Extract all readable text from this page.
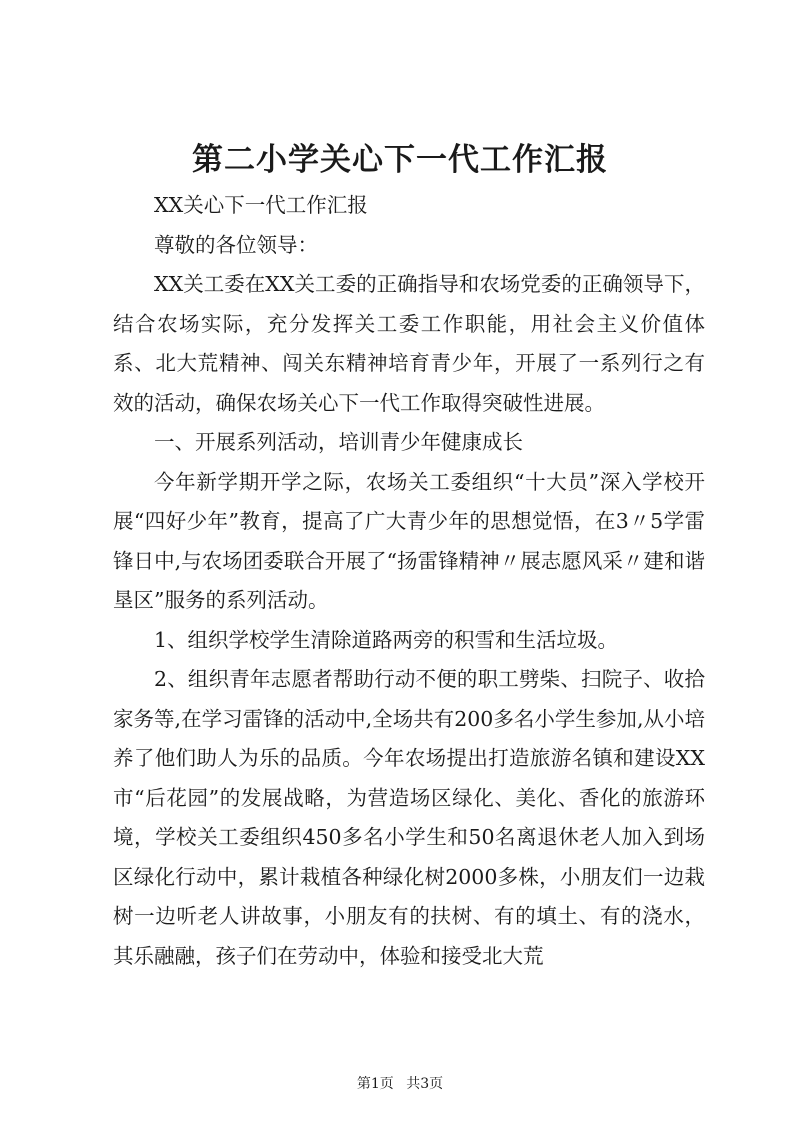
第二小学关心下一代工作汇报

XX关心下一代工作汇报

尊敬的各位领导：

XX关工委在XX关工委的正确指导和农场党委的正确领导下，结合农场实际，充分发挥关工委工作职能，用社会主义价值体系、北大荒精神、闯关东精神培育青少年，开展了一系列行之有效的活动，确保农场关心下一代工作取得突破性进展。

一、开展系列活动，培训青少年健康成长

今年新学期开学之际，农场关工委组织“十大员”深入学校开展“四好少年”教育，提高了广大青少年的思想觉悟，在3〃5学雷锋日中,与农场团委联合开展了“扬雷锋精神〃展志愿风采〃建和谐垦区”服务的系列活动。

1、组织学校学生清除道路两旁的积雪和生活垃圾。

2、组织青年志愿者帮助行动不便的职工劈柴、扫院子、收拾家务等,在学习雷锋的活动中,全场共有200多名小学生参加,从小培养了他们助人为乐的品质。今年农场提出打造旅游名镇和建设XX市“后花园”的发展战略，为营造场区绿化、美化、香化的旅游环境，学校关工委组织450多名小学生和50名离退休老人加入到场区绿化行动中，累计栽植各种绿化树2000多株，小朋友们一边栽树一边听老人讲故事，小朋友有的扶树、有的填土、有的浇水，其乐融融，孩子们在劳动中，体验和接受北大荒

第1页 共3页
